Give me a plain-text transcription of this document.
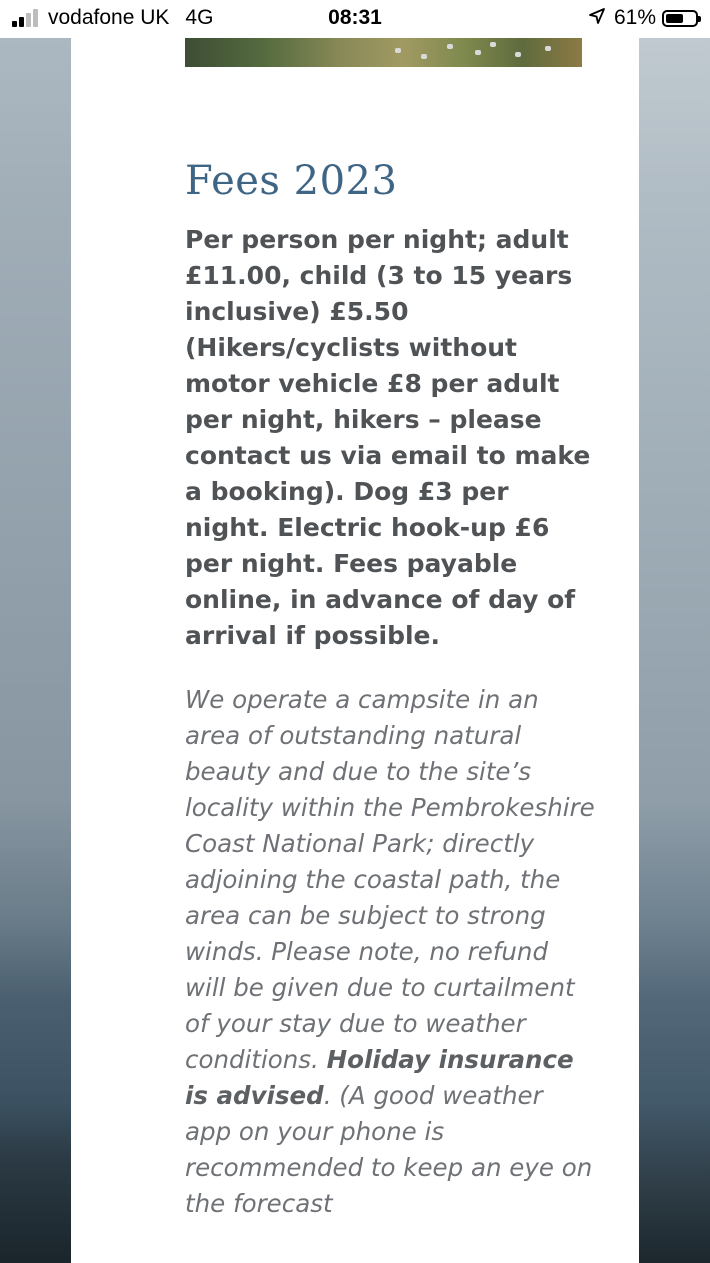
vodafone UK 4G	08:31	61%
Fees 2023

Per person per night; adult £11.00, child (3 to 15 years inclusive) £5.50 (Hikers/cyclists without motor vehicle £8 per adult per night, hikers – please contact us via email to make a booking). Dog £3 per night. Electric hook-up £6 per night. Fees payable online, in advance of day of arrival if possible.

We operate a campsite in an area of outstanding natural beauty and due to the site’s locality within the Pembrokeshire Coast National Park; directly adjoining the coastal path, the area can be subject to strong winds. Please note, no refund will be given due to curtailment of your stay due to weather conditions. Holiday insurance is advised. (A good weather app on your phone is recommended to keep an eye on the forecast
